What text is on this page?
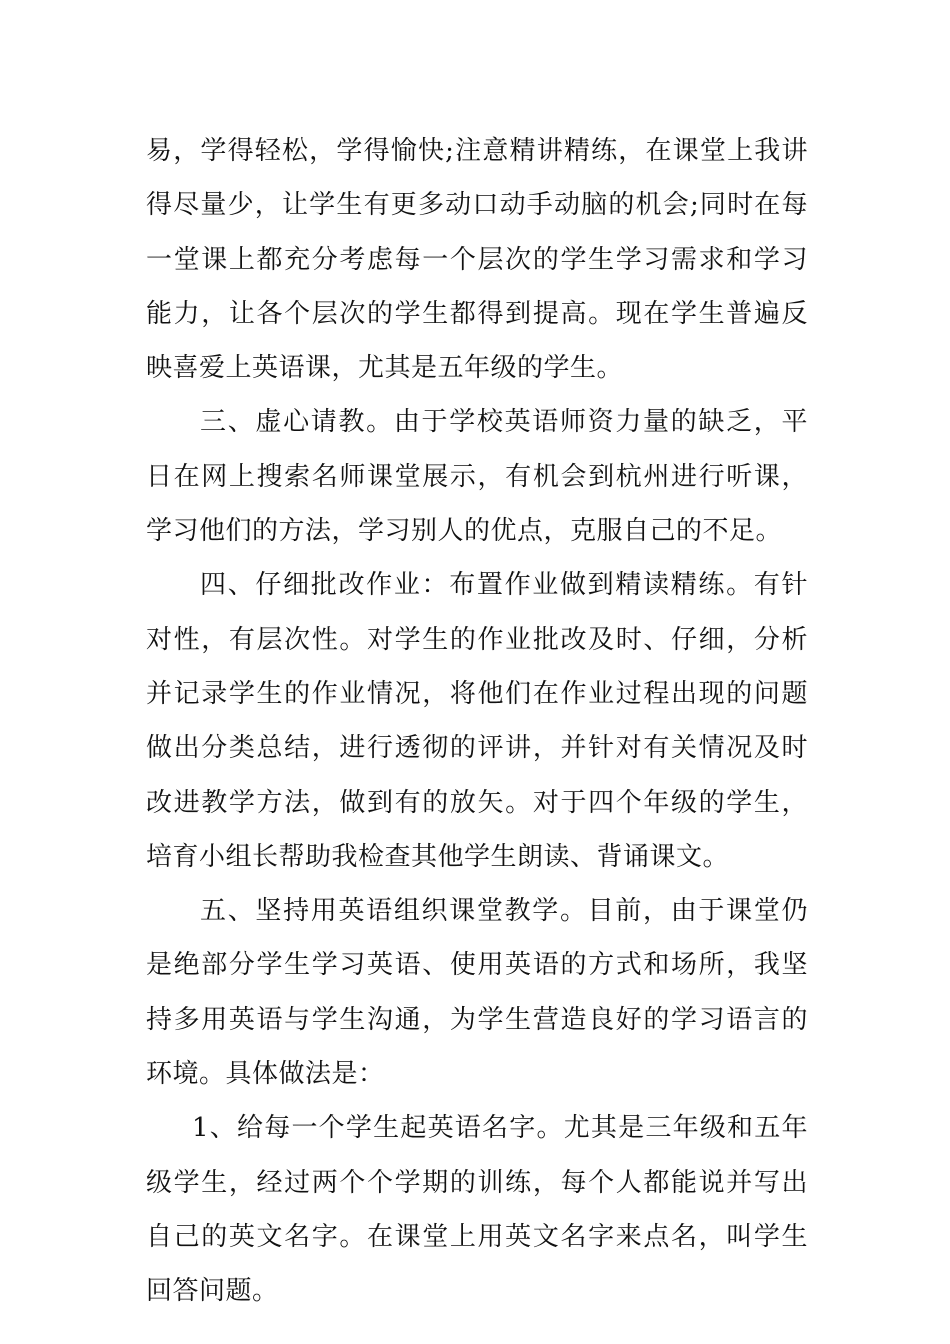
易，学得轻松，学得愉快;注意精讲精练，在课堂上我讲得尽量少，让学生有更多动口动手动脑的机会;同时在每一堂课上都充分考虑每一个层次的学生学习需求和学习能力，让各个层次的学生都得到提高。现在学生普遍反映喜爱上英语课，尤其是五年级的学生。

三、虚心请教。由于学校英语师资力量的缺乏，平日在网上搜索名师课堂展示，有机会到杭州进行听课，学习他们的方法，学习别人的优点，克服自己的不足。

四、仔细批改作业：布置作业做到精读精练。有针对性，有层次性。对学生的作业批改及时、仔细，分析并记录学生的作业情况，将他们在作业过程出现的问题做出分类总结，进行透彻的评讲，并针对有关情况及时改进教学方法，做到有的放矢。对于四个年级的学生，培育小组长帮助我检查其他学生朗读、背诵课文。

五、坚持用英语组织课堂教学。目前，由于课堂仍是绝部分学生学习英语、使用英语的方式和场所，我坚持多用英语与学生沟通，为学生营造良好的学习语言的环境。具体做法是：

1、给每一个学生起英语名字。尤其是三年级和五年级学生，经过两个个学期的训练，每个人都能说并写出自己的英文名字。在课堂上用英文名字来点名，叫学生回答问题。
